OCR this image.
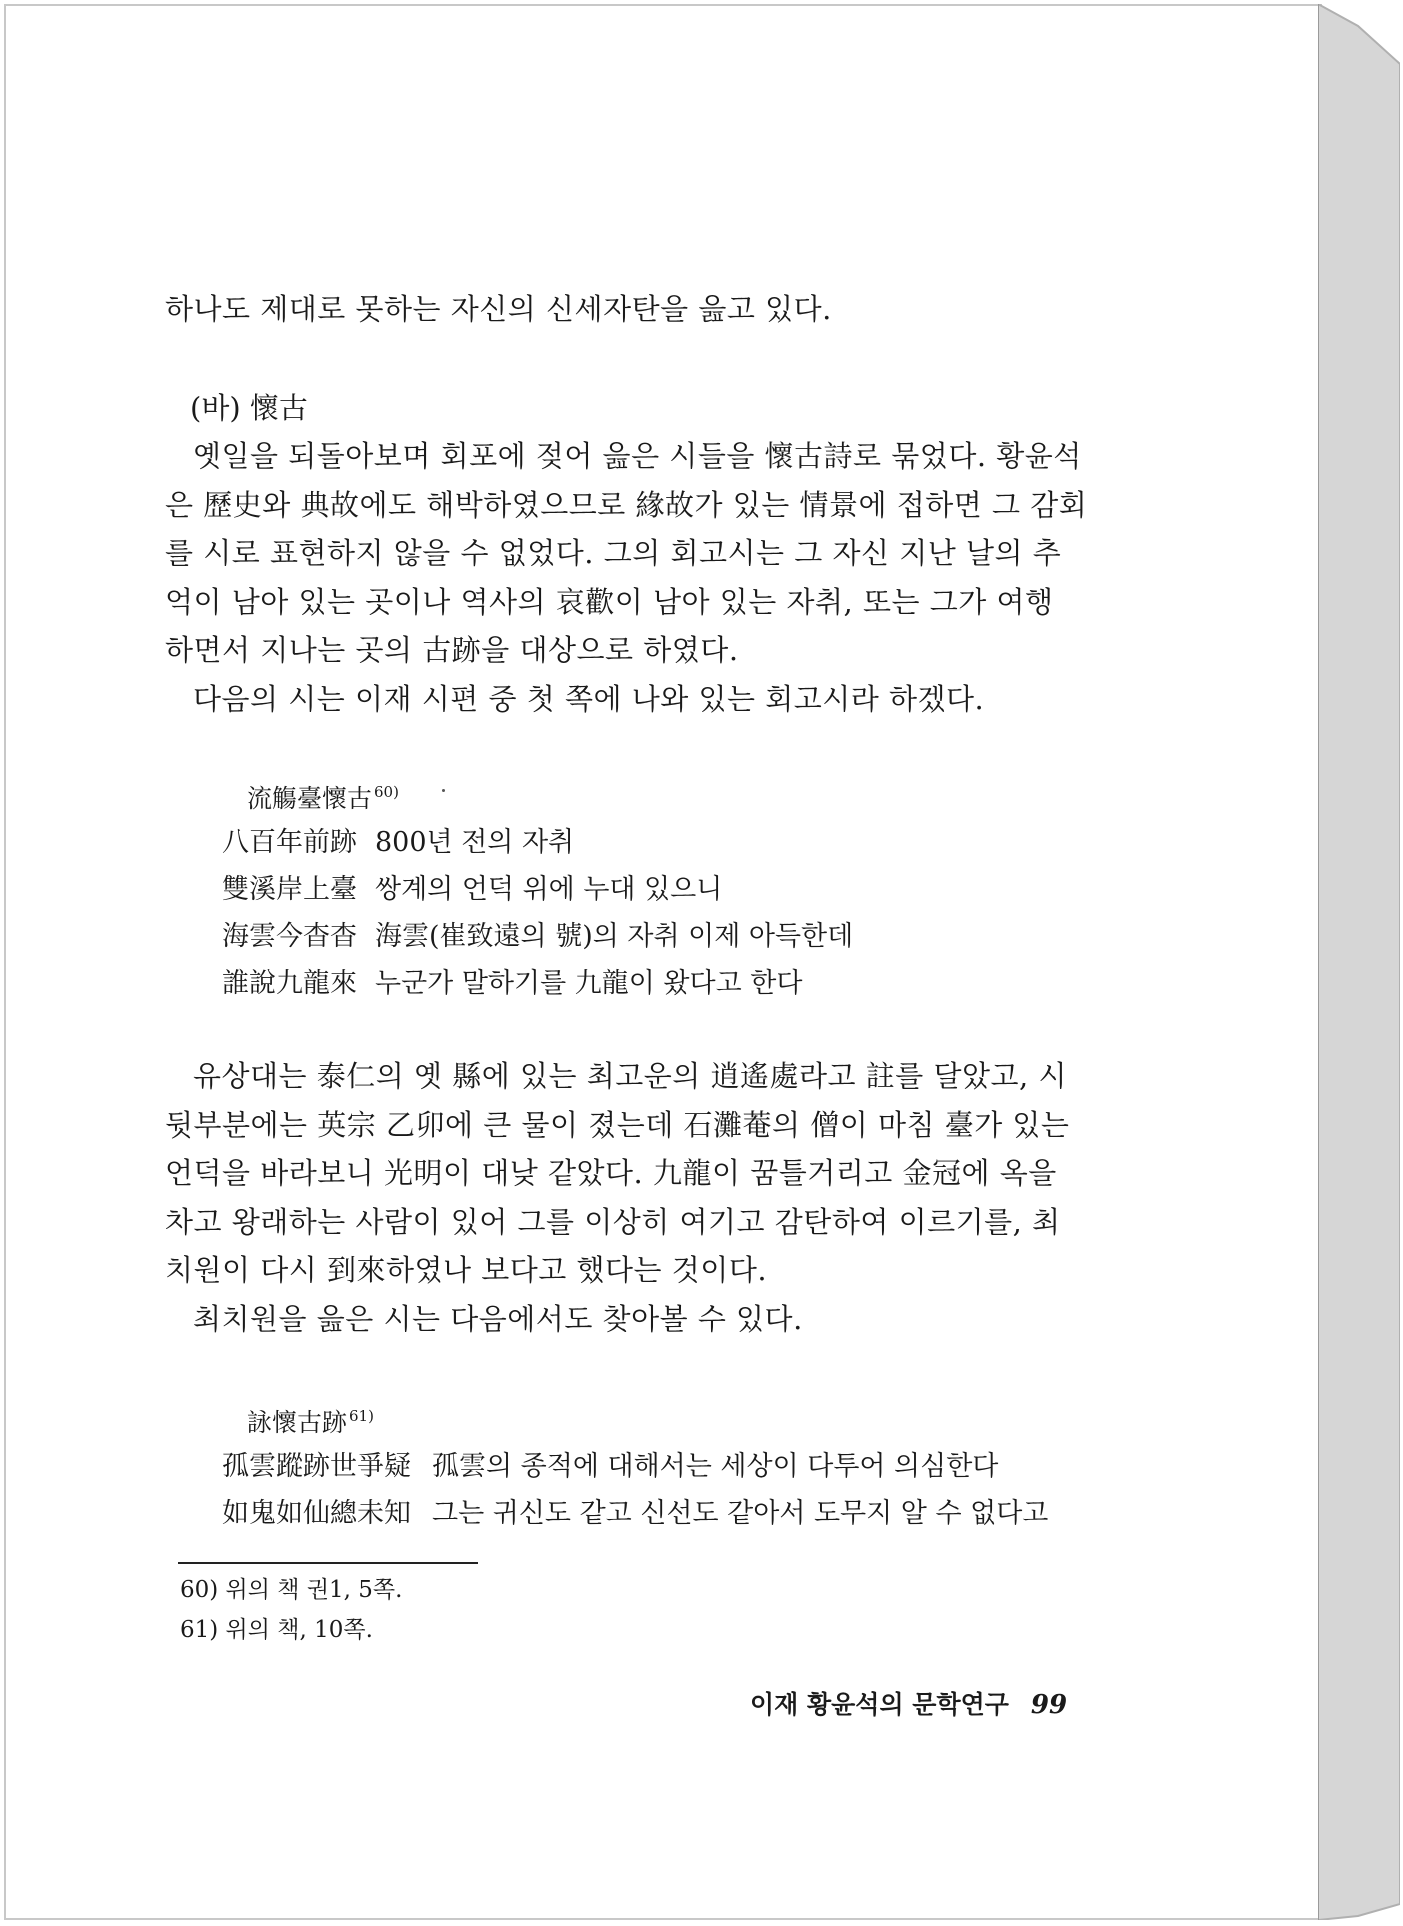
하나도 제대로 못하는 자신의 신세자탄을 읊고 있다.
(바) 懷古
옛일을 되돌아보며 회포에 젖어 읊은 시들을 懷古詩로 묶었다. 황윤석
은 歷史와 典故에도 해박하였으므로 緣故가 있는 情景에 접하면 그 감회
를 시로 표현하지 않을 수 없었다. 그의 회고시는 그 자신 지난 날의 추
억이 남아 있는 곳이나 역사의 哀歡이 남아 있는 자취, 또는 그가 여행
하면서 지나는 곳의 古跡을 대상으로 하였다.
다음의 시는 이재 시편 중 첫 쪽에 나와 있는 회고시라 하겠다.
流觴臺懷古 $^{60)}$
八百年前跡 800년 전의 자취
雙溪岸上臺 쌍계의 언덕 위에 누대 있으니
海雲今杳杳 海雲(崔致遠의 號)의 자취 이제 아득한데
誰說九龍來 누군가 말하기를 九龍이 왔다고 한다
유상대는 泰仁의 옛 縣에 있는 최고운의 逍遙處라고 註를 달았고, 시
뒷부분에는 英宗 乙卯에 큰 물이 졌는데 石灘菴의 僧이 마침 臺가 있는
언덕을 바라보니 光明이 대낮 같았다. 九龍이 꿈틀거리고 金冠에 옥을
차고 왕래하는 사람이 있어 그를 이상히 여기고 감탄하여 이르기를, 최
치원이 다시 到來하였나 보다고 했다는 것이다.
최치원을 읊은 시는 다음에서도 찾아볼 수 있다.
詠懷古跡 $^{61)}$
孤雲蹤跡世爭疑 孤雲의 종적에 대해서는 세상이 다투어 의심한다
如鬼如仙總未知 그는 귀신도 같고 신선도 같아서 도무지 알 수 없다고
60) 위의 책 권1, 5쪽.
61) 위의 책, 10쪽.
이재 황윤석의 문학연구 99
